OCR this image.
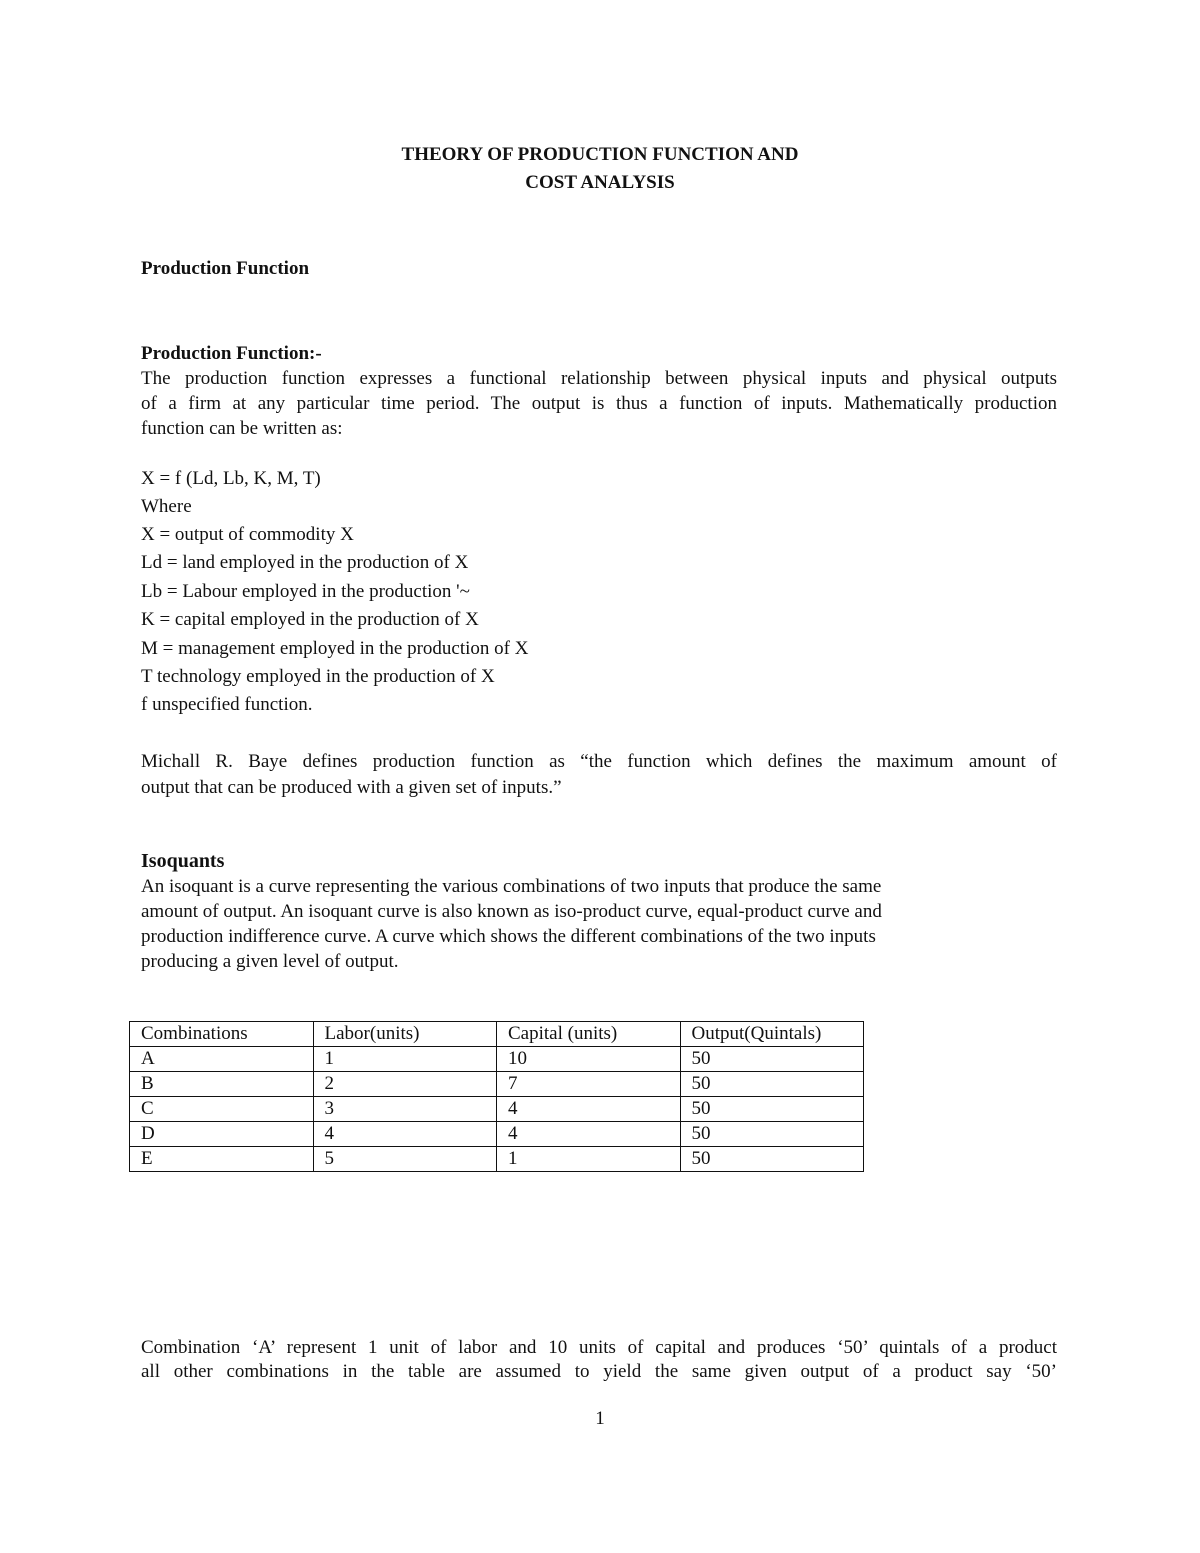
THEORY OF PRODUCTION FUNCTION AND
COST ANALYSIS
Production Function
Production Function:-
The production function expresses a functional relationship between physical inputs and physical outputs
of a firm at any particular time period. The output is thus a function of inputs. Mathematically production
function can be written as:
X = f (Ld, Lb, K, M, T)
Where
X = output of commodity X
Ld = land employed in the production of X
Lb = Labour employed in the production '~
K = capital employed in the production of X
M = management employed in the production of X
T technology employed in the production of X
f unspecified function.
Michall R. Baye defines production function as “the function which defines the maximum amount of
output that can be produced with a given set of inputs.”
Isoquants
An isoquant is a curve representing the various combinations of two inputs that produce the same
amount of output. An isoquant curve is also known as iso-product curve, equal-product curve and
production indifference curve. A curve which shows the different combinations of the two inputs
producing a given level of output.
Combinations	Labor(units)	Capital (units)	Output(Quintals)
A	1	10	50
B	2	7	50
C	3	4	50
D	4	4	50
E	5	1	50
Combination ‘A’ represent 1 unit of labor and 10 units of capital and produces ‘50’ quintals of a product
all other combinations in the table are assumed to yield the same given output of a product say ‘50’
1
